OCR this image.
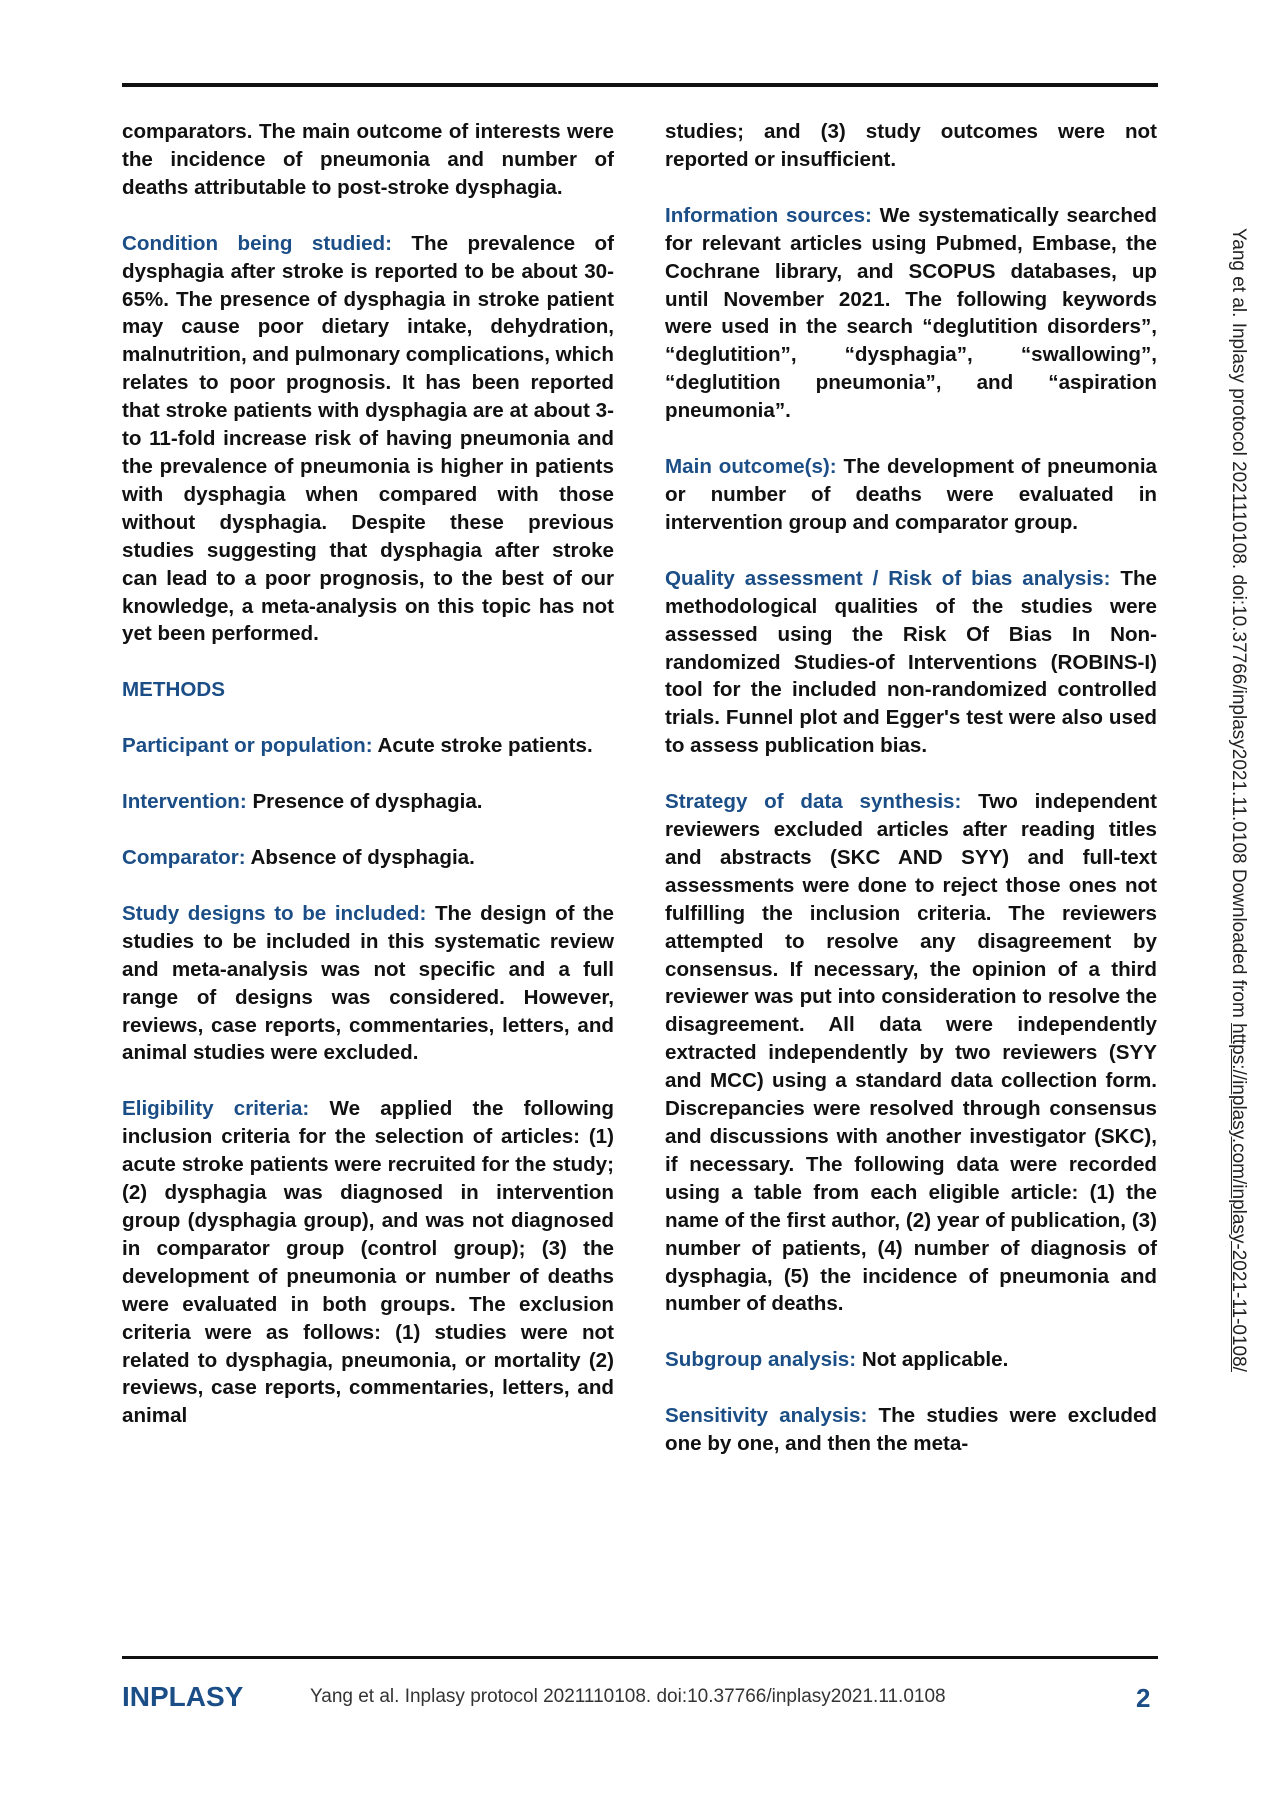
comparators. The main outcome of interests were the incidence of pneumonia and number of deaths attributable to post-stroke dysphagia.

Condition being studied: The prevalence of dysphagia after stroke is reported to be about 30-65%. The presence of dysphagia in stroke patient may cause poor dietary intake, dehydration, malnutrition, and pulmonary complications, which relates to poor prognosis. It has been reported that stroke patients with dysphagia are at about 3- to 11-fold increase risk of having pneumonia and the prevalence of pneumonia is higher in patients with dysphagia when compared with those without dysphagia. Despite these previous studies suggesting that dysphagia after stroke can lead to a poor prognosis, to the best of our knowledge, a meta-analysis on this topic has not yet been performed.

METHODS

Participant or population: Acute stroke patients.

Intervention: Presence of dysphagia.

Comparator: Absence of dysphagia.

Study designs to be included: The design of the studies to be included in this systematic review and meta-analysis was not specific and a full range of designs was considered. However, reviews, case reports, commentaries, letters, and animal studies were excluded.

Eligibility criteria: We applied the following inclusion criteria for the selection of articles: (1) acute stroke patients were recruited for the study; (2) dysphagia was diagnosed in intervention group (dysphagia group), and was not diagnosed in comparator group (control group); (3) the development of pneumonia or number of deaths were evaluated in both groups. The exclusion criteria were as follows: (1) studies were not related to dysphagia, pneumonia, or mortality (2) reviews, case reports, commentaries, letters, and animal

studies; and (3) study outcomes were not reported or insufficient.

Information sources: We systematically searched for relevant articles using Pubmed, Embase, the Cochrane library, and SCOPUS databases, up until November 2021. The following keywords were used in the search “deglutition disorders”, “deglutition”, “dysphagia”, “swallowing”, “deglutition pneumonia”, and “aspiration pneumonia”.

Main outcome(s): The development of pneumonia or number of deaths were evaluated in intervention group and comparator group.

Quality assessment / Risk of bias analysis: The methodological qualities of the studies were assessed using the Risk Of Bias In Non-randomized Studies-of Interventions (ROBINS-I) tool for the included non-randomized controlled trials. Funnel plot and Egger's test were also used to assess publication bias.

Strategy of data synthesis: Two independent reviewers excluded articles after reading titles and abstracts (SKC AND SYY) and full-text assessments were done to reject those ones not fulfilling the inclusion criteria. The reviewers attempted to resolve any disagreement by consensus. If necessary, the opinion of a third reviewer was put into consideration to resolve the disagreement. All data were independently extracted independently by two reviewers (SYY and MCC) using a standard data collection form. Discrepancies were resolved through consensus and discussions with another investigator (SKC), if necessary. The following data were recorded using a table from each eligible article: (1) the name of the first author, (2) year of publication, (3) number of patients, (4) number of diagnosis of dysphagia, (5) the incidence of pneumonia and number of deaths.

Subgroup analysis: Not applicable.

Sensitivity analysis: The studies were excluded one by one, and then the meta-

Yang et al. Inplasy protocol 2021110108. doi:10.37766/inplasy2021.11.0108 Downloaded from https://inplasy.com/inplasy-2021-11-0108/
INPLASY	Yang et al. Inplasy protocol 2021110108. doi:10.37766/inplasy2021.11.0108	2
